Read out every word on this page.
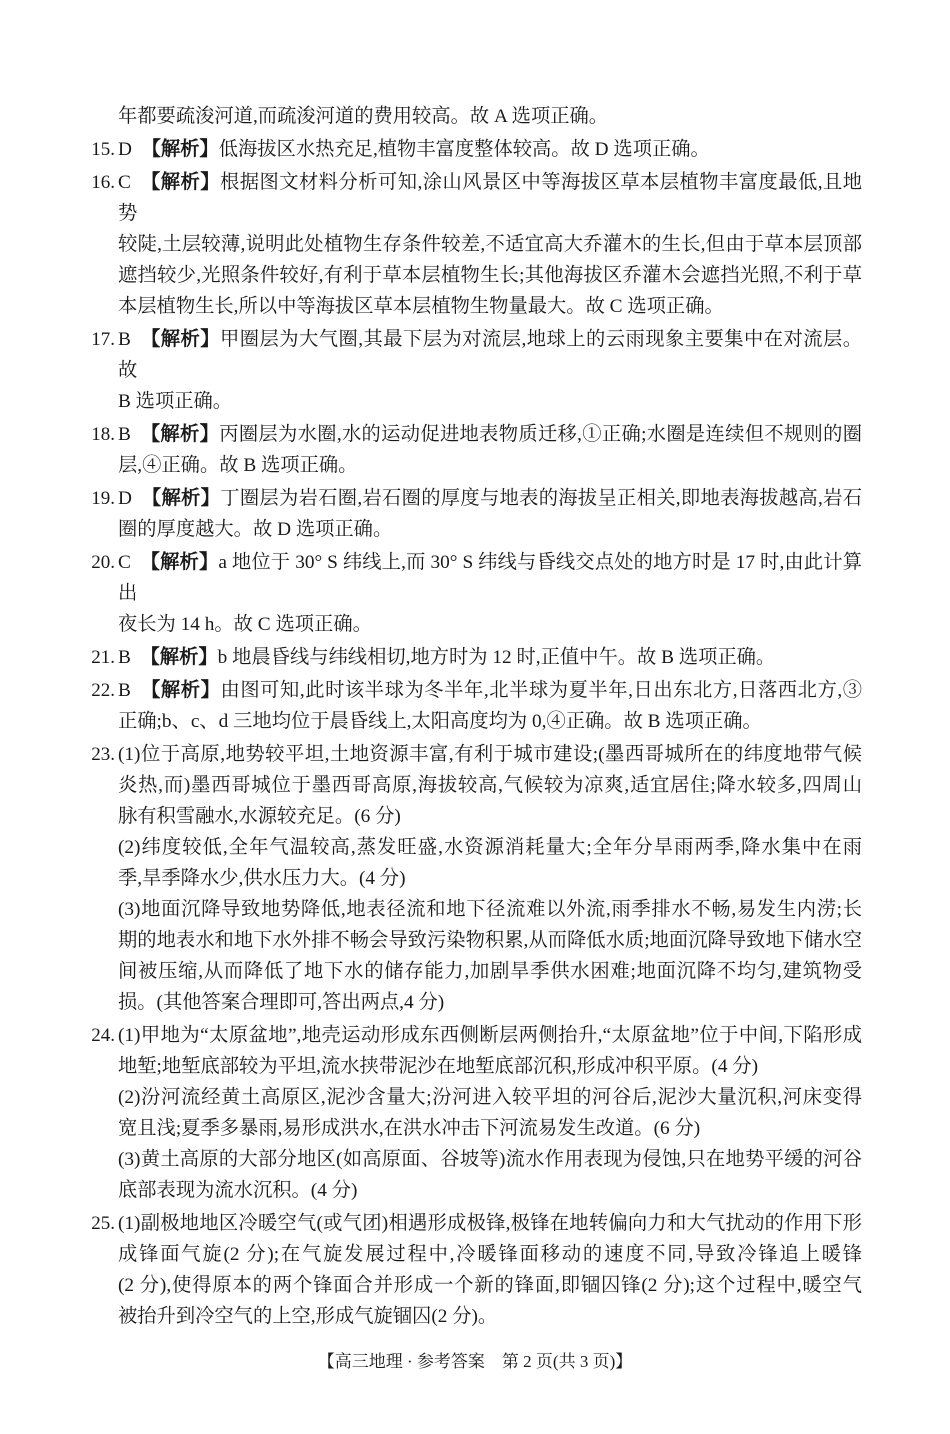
年都要疏浚河道,而疏浚河道的费用较高。故 A 选项正确。
15. D  【解析】低海拔区水热充足,植物丰富度整体较高。故 D 选项正确。
16. C  【解析】根据图文材料分析可知,涂山风景区中等海拔区草本层植物丰富度最低,且地势
较陡,土层较薄,说明此处植物生存条件较差,不适宜高大乔灌木的生长,但由于草本层顶部
遮挡较少,光照条件较好,有利于草本层植物生长;其他海拔区乔灌木会遮挡光照,不利于草
本层植物生长,所以中等海拔区草本层植物生物量最大。故 C 选项正确。
17. B  【解析】甲圈层为大气圈,其最下层为对流层,地球上的云雨现象主要集中在对流层。故
B 选项正确。
18. B  【解析】丙圈层为水圈,水的运动促进地表物质迁移,①正确;水圈是连续但不规则的圈
层,④正确。故 B 选项正确。
19. D  【解析】丁圈层为岩石圈,岩石圈的厚度与地表的海拔呈正相关,即地表海拔越高,岩石
圈的厚度越大。故 D 选项正确。
20. C  【解析】a 地位于 30° S 纬线上,而 30° S 纬线与昏线交点处的地方时是 17 时,由此计算出
夜长为 14 h。故 C 选项正确。
21. B  【解析】b 地晨昏线与纬线相切,地方时为 12 时,正值中午。故 B 选项正确。
22. B  【解析】由图可知,此时该半球为冬半年,北半球为夏半年,日出东北方,日落西北方,③
正确;b、c、d 三地均位于晨昏线上,太阳高度均为 0,④正确。故 B 选项正确。
23. (1)位于高原,地势较平坦,土地资源丰富,有利于城市建设;(墨西哥城所在的纬度地带气候
炎热,而)墨西哥城位于墨西哥高原,海拔较高,气候较为凉爽,适宜居住;降水较多,四周山
脉有积雪融水,水源较充足。(6 分)
(2)纬度较低,全年气温较高,蒸发旺盛,水资源消耗量大;全年分旱雨两季,降水集中在雨
季,旱季降水少,供水压力大。(4 分)
(3)地面沉降导致地势降低,地表径流和地下径流难以外流,雨季排水不畅,易发生内涝;长
期的地表水和地下水外排不畅会导致污染物积累,从而降低水质;地面沉降导致地下储水空
间被压缩,从而降低了地下水的储存能力,加剧旱季供水困难;地面沉降不均匀,建筑物受
损。(其他答案合理即可,答出两点,4 分)
24. (1)甲地为“太原盆地”,地壳运动形成东西侧断层两侧抬升,“太原盆地”位于中间,下陷形成
地堑;地堑底部较为平坦,流水挟带泥沙在地堑底部沉积,形成冲积平原。(4 分)
(2)汾河流经黄土高原区,泥沙含量大;汾河进入较平坦的河谷后,泥沙大量沉积,河床变得
宽且浅;夏季多暴雨,易形成洪水,在洪水冲击下河流易发生改道。(6 分)
(3)黄土高原的大部分地区(如高原面、谷坡等)流水作用表现为侵蚀,只在地势平缓的河谷
底部表现为流水沉积。(4 分)
25. (1)副极地地区冷暖空气(或气团)相遇形成极锋,极锋在地转偏向力和大气扰动的作用下形
成锋面气旋(2 分);在气旋发展过程中,冷暖锋面移动的速度不同,导致冷锋追上暖锋
(2 分),使得原本的两个锋面合并形成一个新的锋面,即锢囚锋(2 分);这个过程中,暖空气
被抬升到冷空气的上空,形成气旋锢囚(2 分)。
【高三地理 · 参考答案　第 2 页(共 3 页)】
